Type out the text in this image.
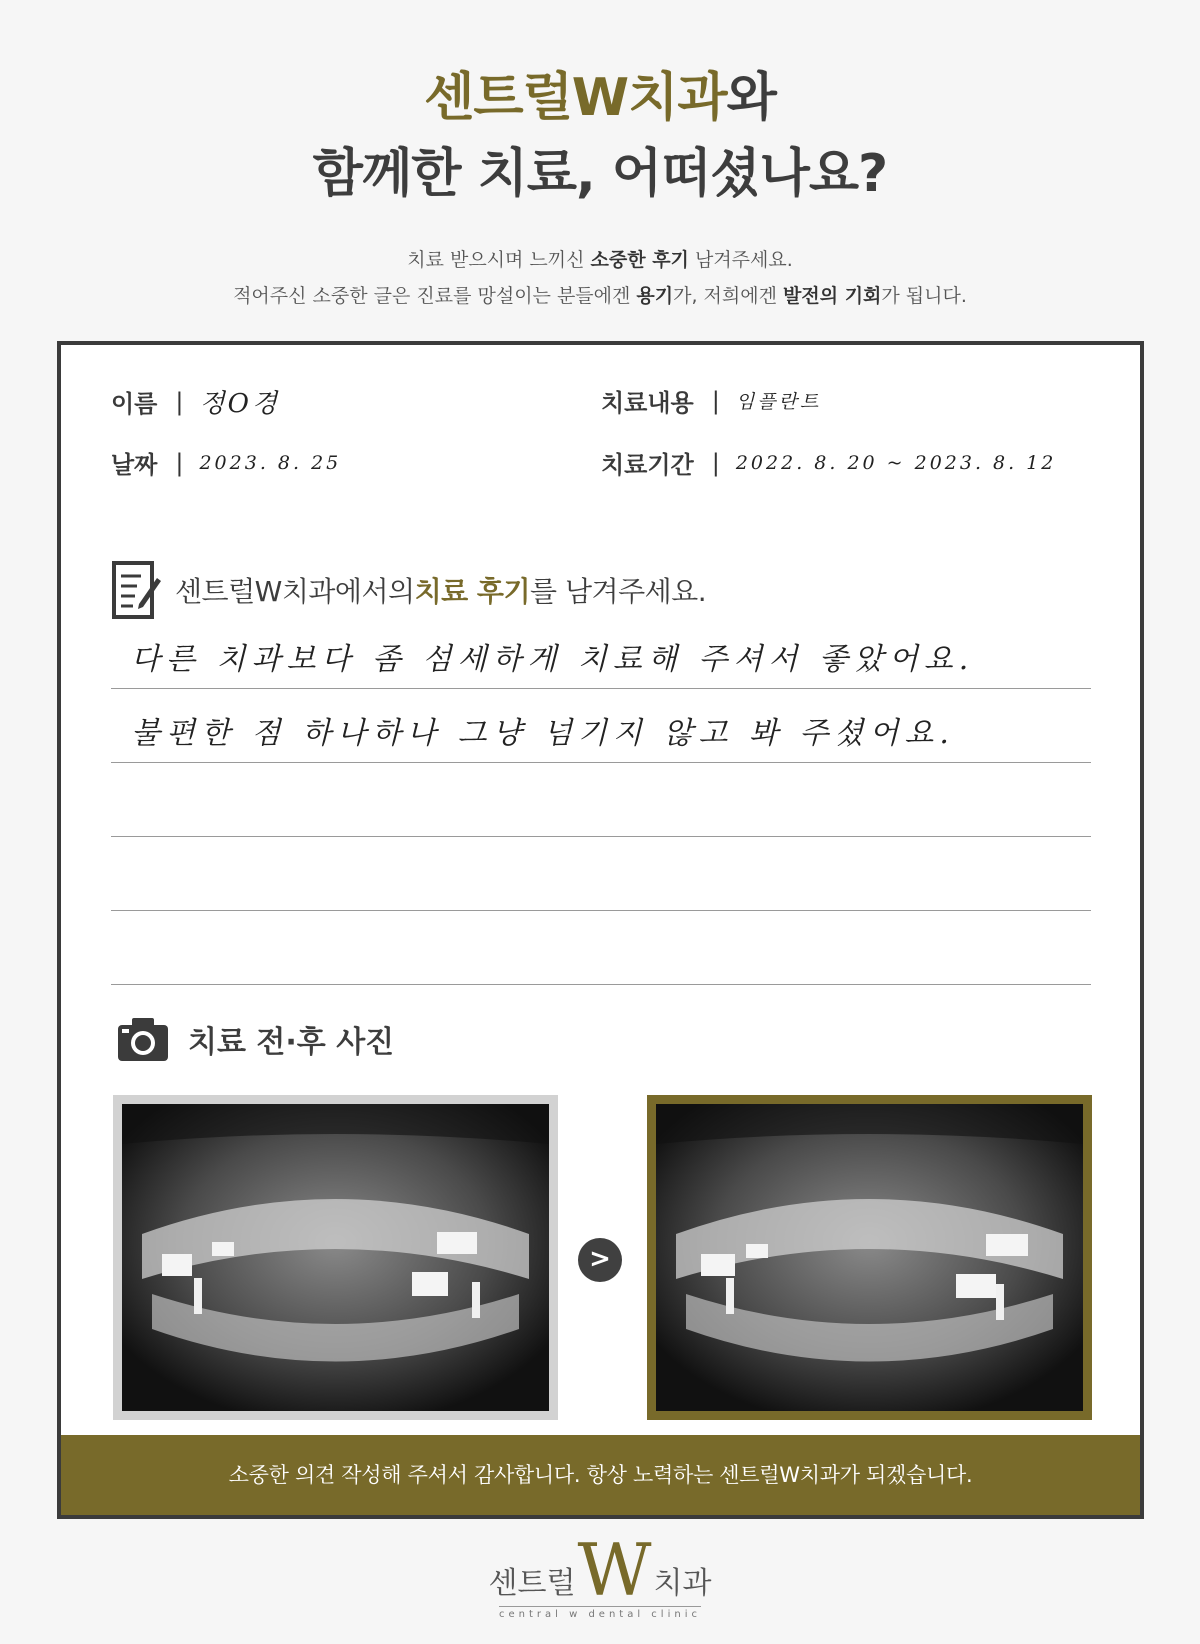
센트럴W치과와
함께한 치료, 어떠셨나요?
치료 받으시며 느끼신 소중한 후기 남겨주세요.
적어주신 소중한 글은 진료를 망설이는 분들에겐 용기가, 저희에겐 발전의 기회가 됩니다.
이름 | 정O경	치료내용 | 임플란트
날짜 | 2023. 8. 25	치료기간 | 2022. 8. 20 ~ 2023. 8. 12
센트럴W치과에서의 치료 후기 를 남겨주세요.
다른 치과보다 좀 섬세하게 치료해 주셔서 좋았어요.
불편한 점 하나하나 그냥 넘기지 않고 봐 주셨어요.
치료 전·후 사진
>
소중한 의견 작성해 주셔서 감사합니다. 항상 노력하는 센트럴W치과가 되겠습니다.
센트럴 W 치과

central w dental clinic
